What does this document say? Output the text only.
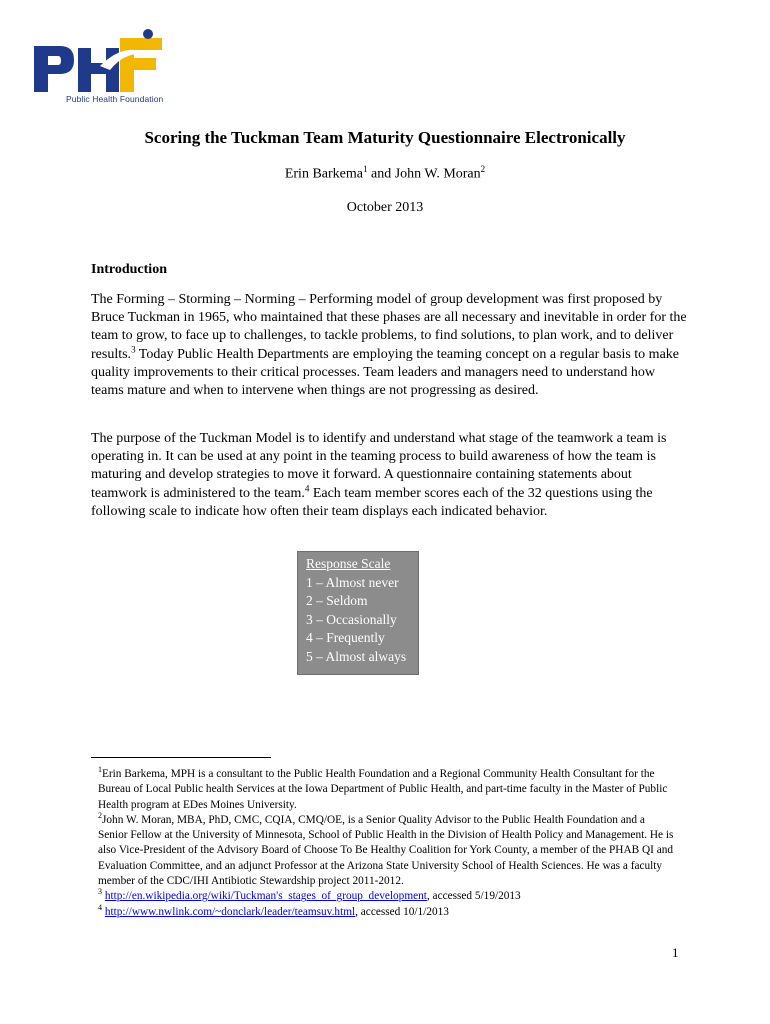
Public Health Foundation
Scoring the Tuckman Team Maturity Questionnaire Electronically
Erin Barkema$^1$ and John W. Moran$^2$
October 2013
Introduction

The Forming – Storming – Norming – Performing model of group development was first proposed by Bruce Tuckman in 1965, who maintained that these phases are all necessary and inevitable in order for the team to grow, to face up to challenges, to tackle problems, to find solutions, to plan work, and to deliver results.$^3$ Today Public Health Departments are employing the teaming concept on a regular basis to make quality improvements to their critical processes. Team leaders and managers need to understand how teams mature and when to intervene when things are not progressing as desired.

The purpose of the Tuckman Model is to identify and understand what stage of the teamwork a team is operating in. It can be used at any point in the teaming process to build awareness of how the team is maturing and develop strategies to move it forward. A questionnaire containing statements about teamwork is administered to the team.$^4$ Each team member scores each of the 32 questions using the following scale to indicate how often their team displays each indicated behavior.

Response Scale
1 – Almost never
2 – Seldom
3 – Occasionally
4 – Frequently
5 – Almost always

$^1$Erin Barkema, MPH is a consultant to the Public Health Foundation and a Regional Community Health Consultant for the Bureau of Local Public health Services at the Iowa Department of Public Health, and part-time faculty in the Master of Public Health program at EDes Moines University.

$^2$John W. Moran, MBA, PhD, CMC, CQIA, CMQ/OE, is a Senior Quality Advisor to the Public Health Foundation and a Senior Fellow at the University of Minnesota, School of Public Health in the Division of Health Policy and Management. He is also Vice-President of the Advisory Board of Choose To Be Healthy Coalition for York County, a member of the PHAB QI and Evaluation Committee, and an adjunct Professor at the Arizona State University School of Health Sciences. He was a faculty member of the CDC/IHI Antibiotic Stewardship project 2011-2012.

$^3$ http://en.wikipedia.org/wiki/Tuckman's_stages_of_group_development, accessed 5/19/2013

$^4$ http://www.nwlink.com/~donclark/leader/teamsuv.html, accessed 10/1/2013

1
